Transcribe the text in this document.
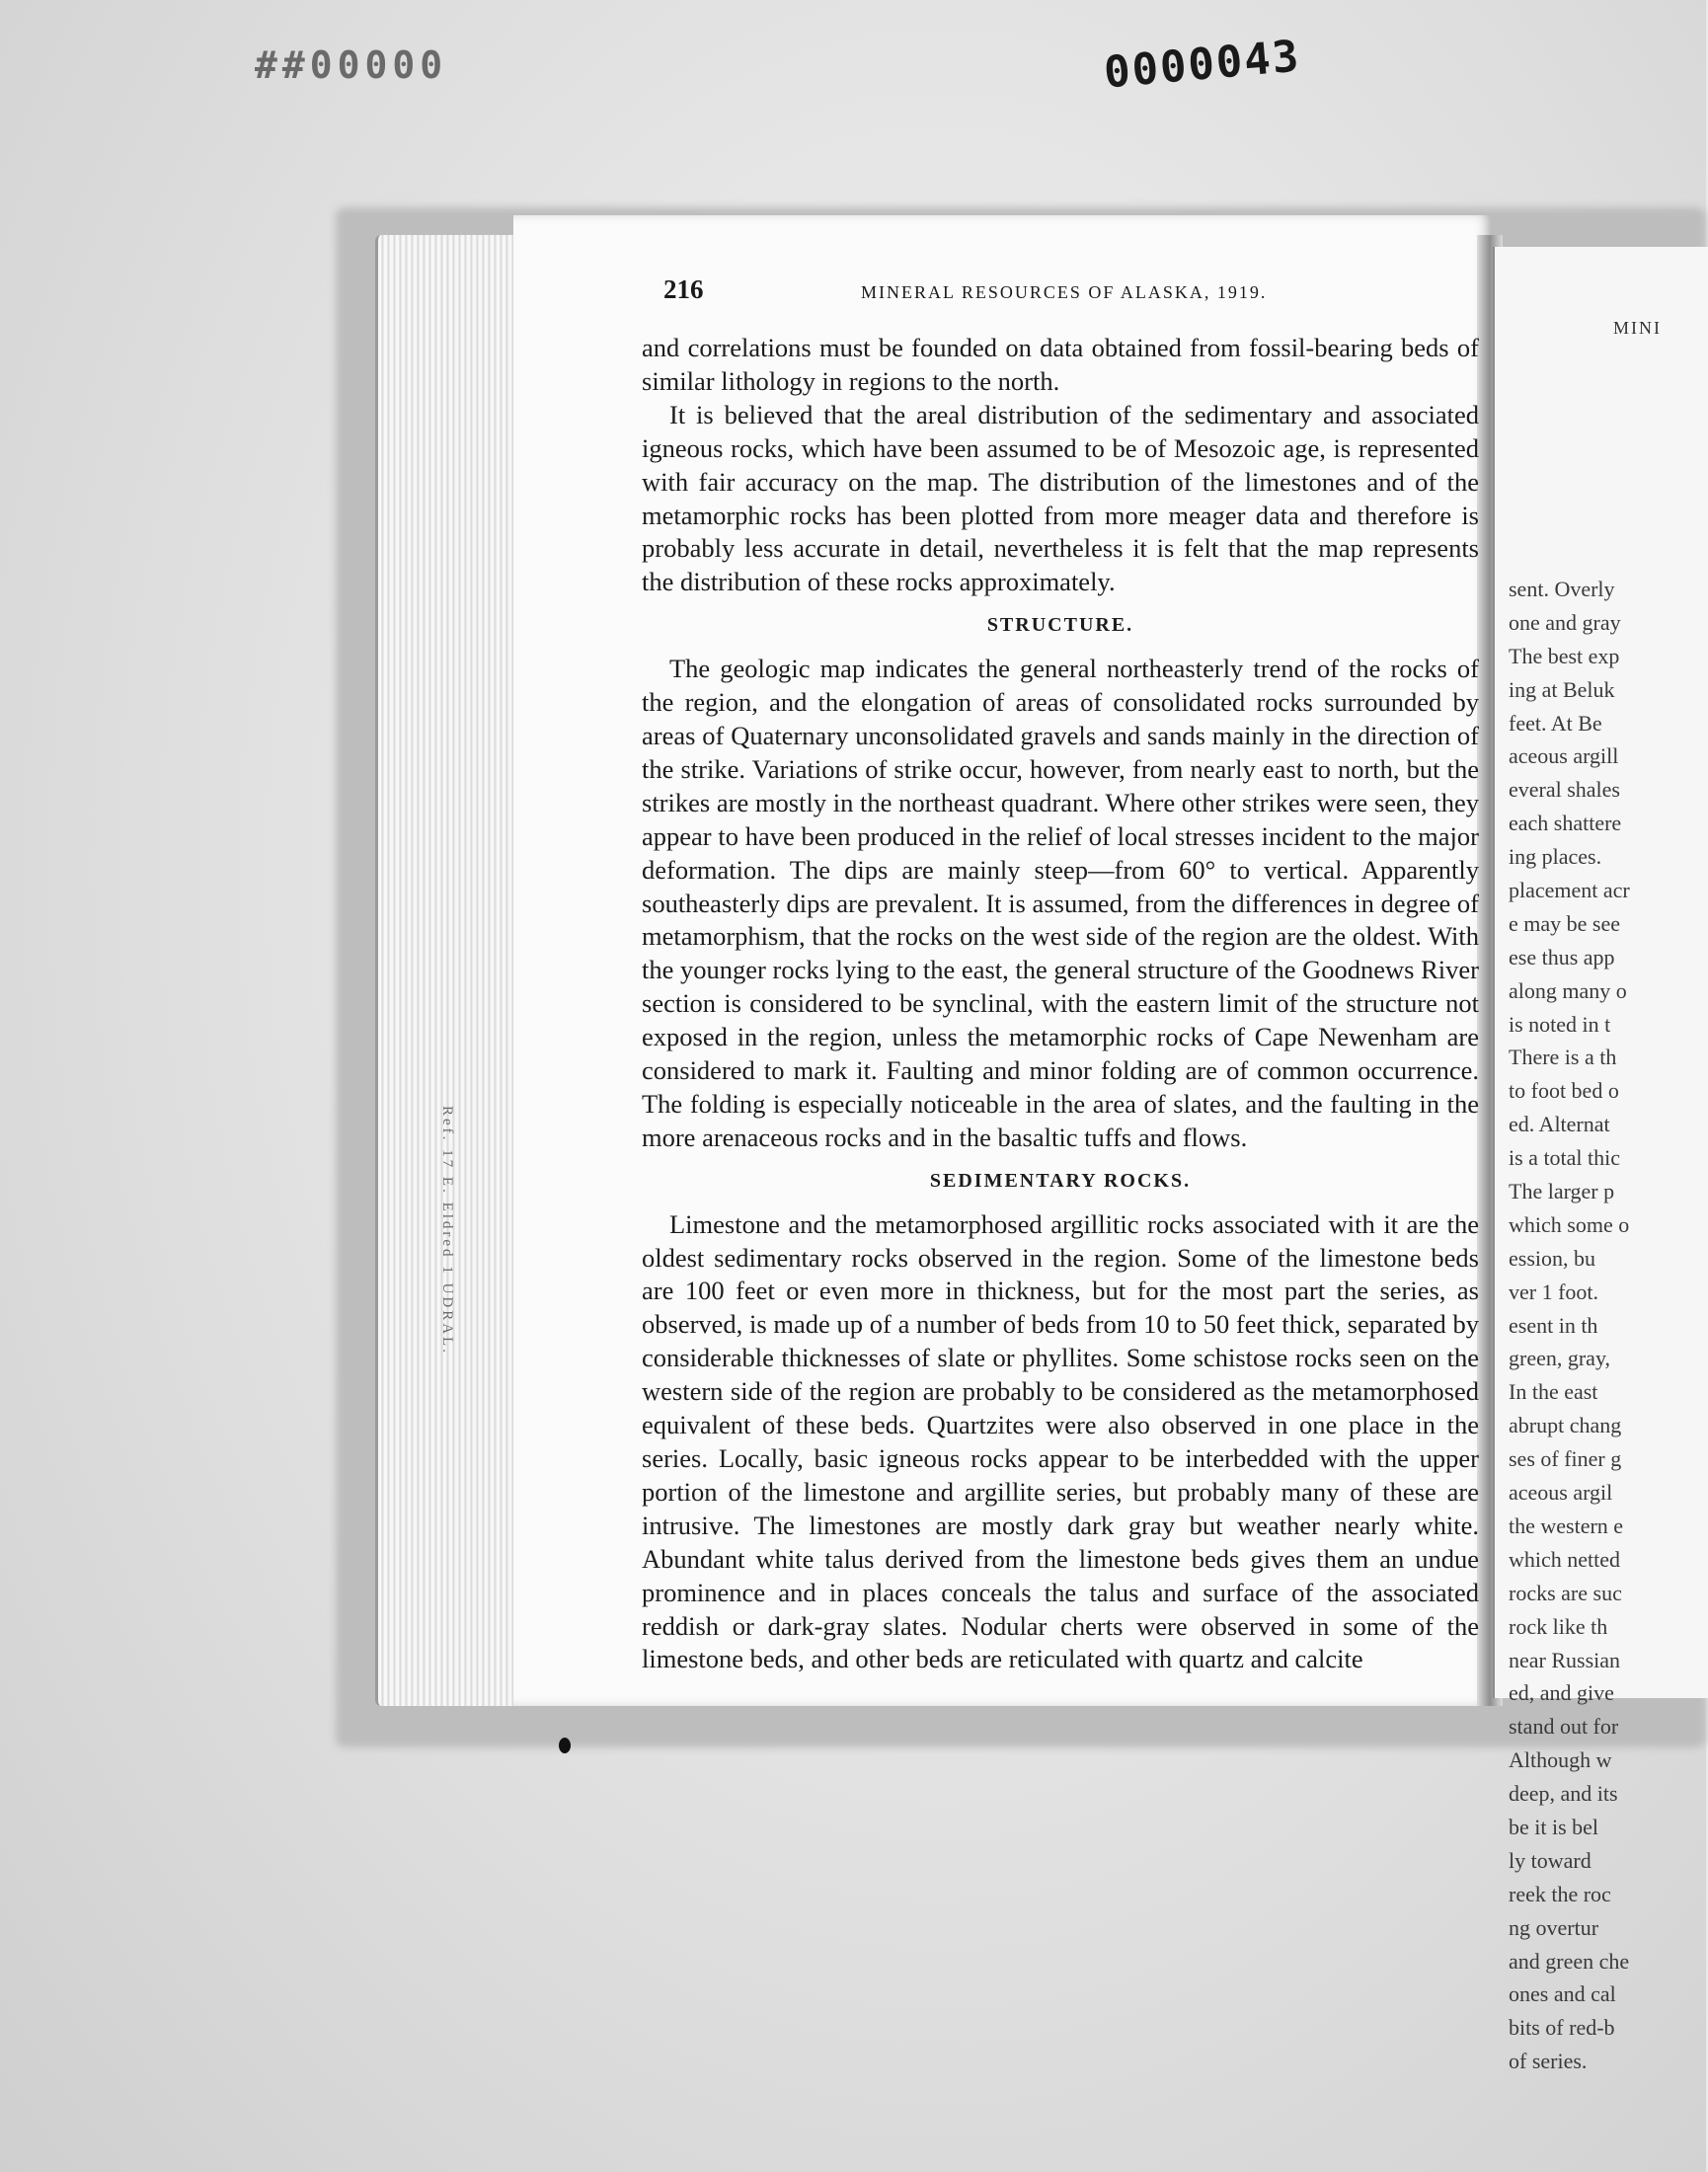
##00000	0000043
Ref. 17 E. Eldred 1 UDRAL.
MINI
sent. Overly
one and gray
The best exp
ing at Beluk
feet. At Be
aceous argill
everal shales
each shattere
ing places.
placement acr
e may be see
ese thus app
along many o
is noted in t
There is a th
to foot bed o
ed. Alternat
is a total thic
The larger p
which some o
ession, bu
ver 1 foot.
esent in th
green, gray,
In the east
abrupt chang
ses of finer g
aceous argil
the western e
which netted
rocks are suc
rock like th
near Russian
ed, and give
stand out for
Although w
deep, and its
be it is bel
ly toward
reek the roc
ng overtur
and green che
ones and cal
bits of red-b
of series.
216	MINERAL RESOURCES OF ALASKA, 1919.

and correlations must be founded on data obtained from fossil-bearing beds of similar lithology in regions to the north.

It is believed that the areal distribution of the sedimentary and associated igneous rocks, which have been assumed to be of Mesozoic age, is represented with fair accuracy on the map. The distribution of the limestones and of the metamorphic rocks has been plotted from more meager data and therefore is probably less accurate in detail, nevertheless it is felt that the map represents the distribution of these rocks approximately.

STRUCTURE.

The geologic map indicates the general northeasterly trend of the rocks of the region, and the elongation of areas of consolidated rocks surrounded by areas of Quaternary unconsolidated gravels and sands mainly in the direction of the strike. Variations of strike occur, however, from nearly east to north, but the strikes are mostly in the northeast quadrant. Where other strikes were seen, they appear to have been produced in the relief of local stresses incident to the major deformation. The dips are mainly steep—from 60° to vertical. Apparently southeasterly dips are prevalent. It is assumed, from the differences in degree of metamorphism, that the rocks on the west side of the region are the oldest. With the younger rocks lying to the east, the general structure of the Goodnews River section is considered to be synclinal, with the eastern limit of the structure not exposed in the region, unless the metamorphic rocks of Cape Newenham are considered to mark it. Faulting and minor folding are of common occurrence. The folding is especially noticeable in the area of slates, and the faulting in the more arenaceous rocks and in the basaltic tuffs and flows.

SEDIMENTARY ROCKS.

Limestone and the metamorphosed argillitic rocks associated with it are the oldest sedimentary rocks observed in the region. Some of the limestone beds are 100 feet or even more in thickness, but for the most part the series, as observed, is made up of a number of beds from 10 to 50 feet thick, separated by considerable thicknesses of slate or phyllites. Some schistose rocks seen on the western side of the region are probably to be considered as the metamorphosed equivalent of these beds. Quartzites were also observed in one place in the series. Locally, basic igneous rocks appear to be interbedded with the upper portion of the limestone and argillite series, but probably many of these are intrusive. The limestones are mostly dark gray but weather nearly white. Abundant white talus derived from the limestone beds gives them an undue prominence and in places conceals the talus and surface of the associated reddish or dark-gray slates. Nodular cherts were observed in some of the limestone beds, and other beds are reticulated with quartz and calcite
